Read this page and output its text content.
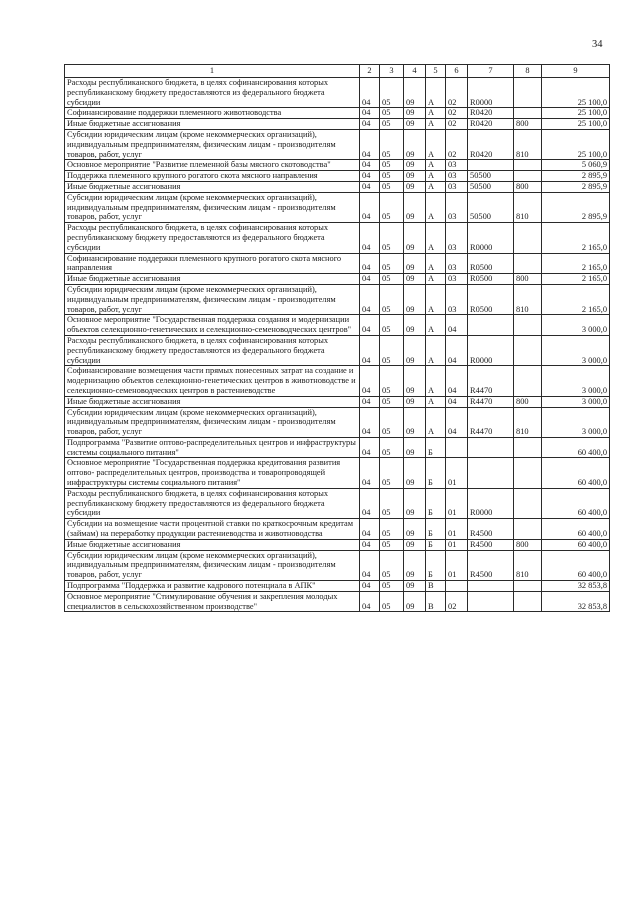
34
1	2	3	4	5	6	7	8	9
Расходы республиканского бюджета, в целях софинансирования которых республиканскому бюджету предоставляются из федерального бюджета субсидии	04	05	09	А	02	R0000		25 100,0
Софинансирование поддержки племенного животноводства	04	05	09	А	02	R0420		25 100,0
Иные бюджетные ассигнования	04	05	09	А	02	R0420	800	25 100,0
Субсидии юридическим лицам (кроме некоммерческих организаций), индивидуальным предпринимателям, физическим лицам - производителям товаров, работ, услуг	04	05	09	А	02	R0420	810	25 100,0
Основное мероприятие "Развитие племенной базы мясного скотоводства"	04	05	09	А	03			5 060,9
Поддержка племенного крупного рогатого скота мясного направления	04	05	09	А	03	50500		2 895,9
Иные бюджетные ассигнования	04	05	09	А	03	50500	800	2 895,9
Субсидии юридическим лицам (кроме некоммерческих организаций), индивидуальным предпринимателям, физическим лицам - производителям товаров, работ, услуг	04	05	09	А	03	50500	810	2 895,9
Расходы республиканского бюджета, в целях софинансирования которых республиканскому бюджету предоставляются из федерального бюджета субсидии	04	05	09	А	03	R0000		2 165,0
Софинансирование поддержки племенного крупного рогатого скота мясного направления	04	05	09	А	03	R0500		2 165,0
Иные бюджетные ассигнования	04	05	09	А	03	R0500	800	2 165,0
Субсидии юридическим лицам (кроме некоммерческих организаций), индивидуальным предпринимателям, физическим лицам - производителям товаров, работ, услуг	04	05	09	А	03	R0500	810	2 165,0
Основное мероприятие "Государственная поддержка создания и модернизации объектов селекционно-генетических и селекционно-семеноводческих центров"	04	05	09	А	04			3 000,0
Расходы республиканского бюджета, в целях софинансирования которых республиканскому бюджету предоставляются из федерального бюджета субсидии	04	05	09	А	04	R0000		3 000,0
Софинансирование возмещения части прямых понесенных затрат на создание и модернизацию объектов селекционно-генетических центров в животноводстве и селекционно-семеноводческих центров в растениеводстве	04	05	09	А	04	R4470		3 000,0
Иные бюджетные ассигнования	04	05	09	А	04	R4470	800	3 000,0
Субсидии юридическим лицам (кроме некоммерческих организаций), индивидуальным предпринимателям, физическим лицам - производителям товаров, работ, услуг	04	05	09	А	04	R4470	810	3 000,0
Подпрограмма "Развитие оптово-распределительных центров и инфраструктуры системы социального питания"	04	05	09	Б				60 400,0
Основное мероприятие "Государственная поддержка кредитования развития оптово- распределительных центров, производства и товаропроводящей инфраструктуры системы социального питания"	04	05	09	Б	01			60 400,0
Расходы республиканского бюджета, в целях софинансирования которых республиканскому бюджету предоставляются из федерального бюджета субсидии	04	05	09	Б	01	R0000		60 400,0
Субсидии на возмещение части процентной ставки по краткосрочным кредитам (займам) на переработку продукции растениеводства и животноводства	04	05	09	Б	01	R4500		60 400,0
Иные бюджетные ассигнования	04	05	09	Б	01	R4500	800	60 400,0
Субсидии юридическим лицам (кроме некоммерческих организаций), индивидуальным предпринимателям, физическим лицам - производителям товаров, работ, услуг	04	05	09	Б	01	R4500	810	60 400,0
Подпрограмма "Поддержка и развитие кадрового потенциала в АПК"	04	05	09	В				32 853,8
Основное мероприятие "Стимулирование обучения и закрепления молодых специалистов в сельскохозяйственном производстве"	04	05	09	В	02			32 853,8
